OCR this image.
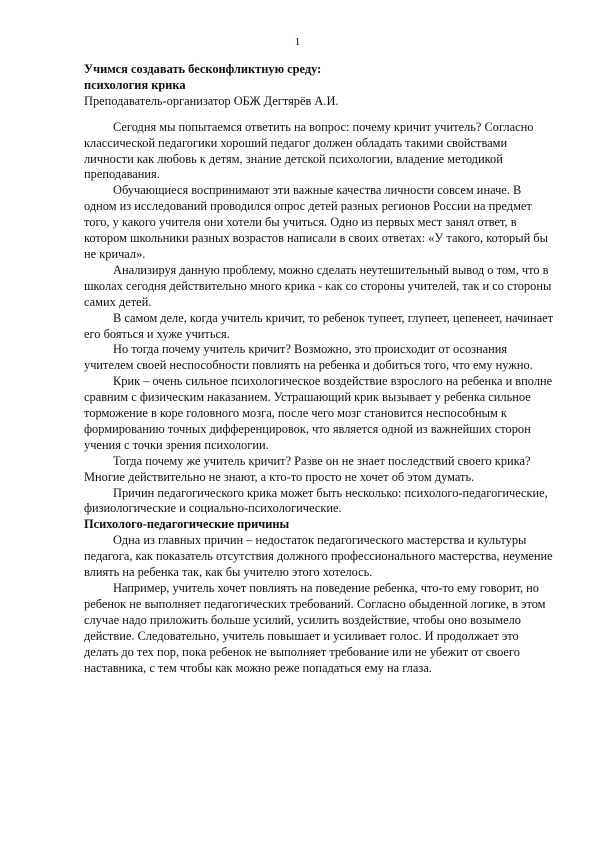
1

Учимся создавать бесконфликтную среду:

психология крика

Преподаватель-организатор ОБЖ Дегтярёв А.И.

Сегодня мы попытаемся ответить на вопрос: почему кричит учитель? Согласно классической педагогики хороший педагог должен обладать такими свойствами личности как любовь к детям, знание детской психологии, владение методикой преподавания.

Обучающиеся воспринимают эти важные качества личности совсем иначе. В одном из исследований проводился опрос детей разных регионов России на предмет того, у какого учителя они хотели бы учиться. Одно из первых мест занял ответ, в котором школьники разных возрастов написали в своих ответах: «У такого, который бы не кричал».

Анализируя данную проблему, можно сделать неутешительный вывод о том, что в школах сегодня действительно много крика - как со стороны учителей, так и со стороны самих детей.

В самом деле, когда учитель кричит, то ребенок тупеет, глупеет, цепенеет, начинает его бояться и хуже учиться.

Но тогда почему учитель кричит? Возможно, это происходит от осознания учителем своей неспособности повлиять на ребенка и добиться того, что ему нужно.

Крик – очень сильное психологическое воздействие взрослого на ребенка и вполне сравним с физическим наказанием. Устрашающий крик вызывает у ребенка сильное торможение в коре головного мозга, после чего мозг становится неспособным к формированию точных дифференцировок, что является одной из важнейших сторон учения с точки зрения психологии.

Тогда почему же учитель кричит? Разве он не знает последствий своего крика? Многие действительно не знают, а кто-то просто не хочет об этом думать.

Причин педагогического крика может быть несколько: психолого-педагогические, физиологические и социально-психологические.

Психолого-педагогические причины

Одна из главных причин – недостаток педагогического мастерства и культуры педагога, как показатель отсутствия должного профессионального мастерства, неумение влиять на ребенка так, как бы учителю этого хотелось.

Например, учитель хочет повлиять на поведение ребенка, что-то ему говорит, но ребенок не выполняет педагогических требований. Согласно обыденной логике, в этом случае надо приложить больше усилий, усилить воздействие, чтобы оно возымело действие. Следовательно, учитель повышает и усиливает голос. И продолжает это делать до тех пор, пока ребенок не выполняет требование или не убежит от своего наставника, с тем чтобы как можно реже попадаться ему на глаза.
